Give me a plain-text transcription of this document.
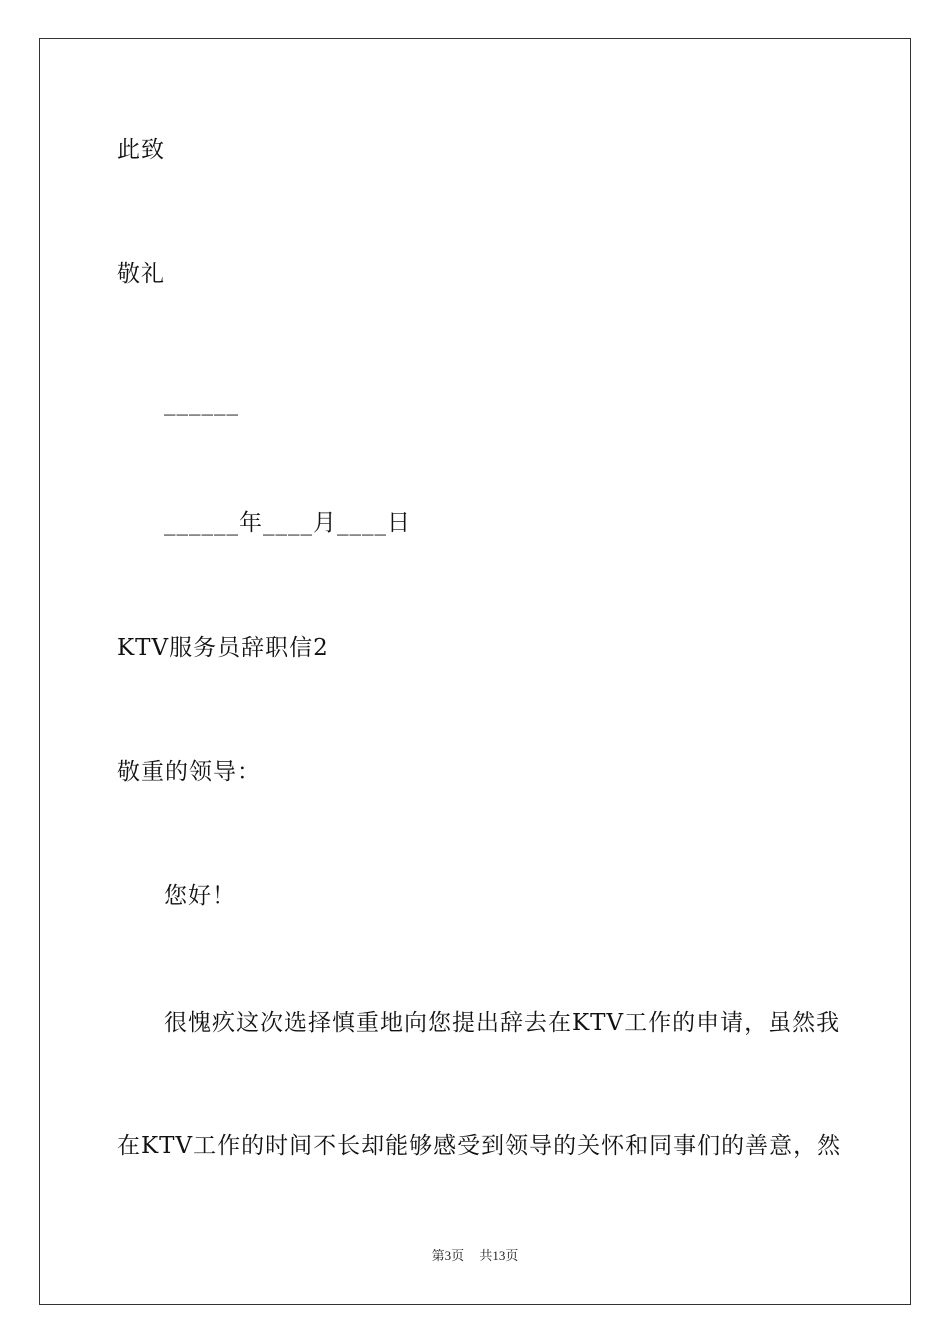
此致
敬礼
______
______年____月____日
KTV服务员辞职信2
敬重的领导：
您好！
很愧疚这次选择慎重地向您提出辞去在KTV工作的申请，虽然我
在KTV工作的时间不长却能够感受到领导的关怀和同事们的善意，然
第3页 共13页
